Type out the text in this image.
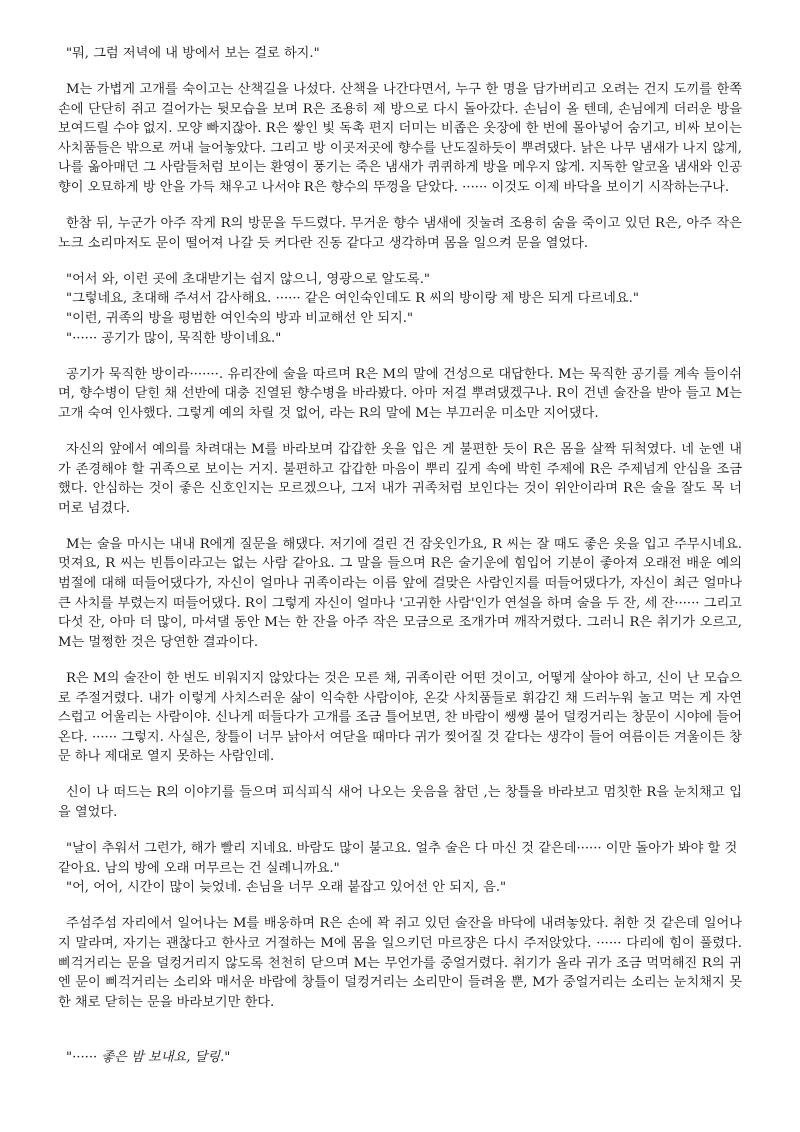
"뭐, 그럼 저녁에 내 방에서 보는 걸로 하지."

M는 가볍게 고개를 숙이고는 산책길을 나섰다. 산책을 나간다면서, 누구 한 명을 담가버리고 오려는 건지 도끼를 한쪽 손에 단단히 쥐고 걸어가는 뒷모습을 보며 R은 조용히 제 방으로 다시 돌아갔다. 손님이 올 텐데, 손님에게 더러운 방을 보여드릴 수야 없지. 모양 빠지잖아. R은 쌓인 빛 독촉 편지 더미는 비좁은 옷장에 한 번에 몰아넣어 숨기고, 비싸 보이는 사치품들은 밖으로 꺼내 늘어놓았다. 그리고 방 이곳저곳에 향수를 난도질하듯이 뿌려댔다. 낡은 나무 냄새가 나지 않게, 나를 옮아매던 그 사람들처럼 보이는 환영이 풍기는 죽은 냄새가 퀴퀴하게 방을 메우지 않게. 지독한 알코올 냄새와 인공 향이 오묘하게 방 안을 가득 채우고 나서야 R은 향수의 뚜껑을 닫았다. ······ 이것도 이제 바닥을 보이기 시작하는구나.

한참 뒤, 누군가 아주 작게 R의 방문을 두드렸다. 무거운 향수 냄새에 짓눌려 조용히 숨을 죽이고 있던 R은, 아주 작은 노크 소리마저도 문이 떨어져 나갈 듯 커다란 진동 같다고 생각하며 몸을 일으켜 문을 열었다.

"어서 와, 이런 곳에 초대받기는 쉽지 않으니, 영광으로 알도록."

"그렇네요, 초대해 주셔서 감사해요. ······ 같은 여인숙인데도 R 씨의 방이랑 제 방은 되게 다르네요."

"이런, 귀족의 방을 평범한 여인숙의 방과 비교해선 안 되지."

"······ 공기가 많이, 묵직한 방이네요."

공기가 묵직한 방이라·······. 유리잔에 술을 따르며 R은 M의 말에 건성으로 대답한다. M는 묵직한 공기를 계속 들이쉬며, 향수병이 닫힌 채 선반에 대충 진열된 향수병을 바라봤다. 아마 저걸 뿌려댔겠구나. R이 건넨 술잔을 받아 들고 M는 고개 숙여 인사했다. 그렇게 예의 차릴 것 없어, 라는 R의 말에 M는 부끄러운 미소만 지어댔다.

자신의 앞에서 예의를 차려대는 M를 바라보며 갑갑한 옷을 입은 게 불편한 듯이 R은 몸을 살짝 뒤척였다. 네 눈엔 내가 존경해야 할 귀족으로 보이는 거지. 불편하고 갑갑한 마음이 뿌리 깊게 속에 박힌 주제에 R은 주제넘게 안심을 조금 했다. 안심하는 것이 좋은 신호인지는 모르겠으나, 그저 내가 귀족처럼 보인다는 것이 위안이라며 R은 술을 잘도 목 너머로 넘겼다.

M는 술을 마시는 내내 R에게 질문을 해댔다. 저기에 걸린 건 잠옷인가요, R 씨는 잘 때도 좋은 옷을 입고 주무시네요. 멋져요, R 씨는 빈틈이라고는 없는 사람 같아요. 그 말을 들으며 R은 술기운에 힘입어 기분이 좋아져 오래전 배운 예의범절에 대해 떠들어댔다가, 자신이 얼마나 귀족이라는 이름 앞에 걸맞은 사람인지를 떠들어댔다가, 자신이 최근 얼마나 큰 사치를 부렸는지 떠들어댔다. R이 그렇게 자신이 얼마나 '고귀한 사람'인가 연설을 하며 술을 두 잔, 세 잔······ 그리고 다섯 잔, 아마 더 많이, 마셔댈 동안 M는 한 잔을 아주 작은 모금으로 조개가며 깨작거렸다. 그러니 R은 취기가 오르고, M는 멀쩡한 것은 당연한 결과이다.

R은 M의 술잔이 한 번도 비워지지 않았다는 것은 모른 채, 귀족이란 어떤 것이고, 어떻게 살아야 하고, 신이 난 모습으로 주절거렸다. 내가 이렇게 사치스러운 삶이 익숙한 사람이야, 온갖 사치품들로 휘감긴 채 드러누워 놀고 먹는 게 자연스럽고 어울리는 사람이야. 신나게 떠들다가 고개를 조금 틀어보면, 찬 바람이 쌩쌩 불어 덜컹거리는 창문이 시야에 들어온다. ······ 그렇지. 사실은, 창틀이 너무 낡아서 여닫을 때마다 귀가 찢어질 것 같다는 생각이 들어 여름이든 겨울이든 창문 하나 제대로 열지 못하는 사람인데.

신이 나 떠드는 R의 이야기를 들으며 피식피식 새어 나오는 웃음을 참던 ,는 창틀을 바라보고 멈칫한 R을 눈치채고 입을 열었다.

"날이 추워서 그런가, 해가 빨리 지네요. 바람도 많이 불고요. 얼추 술은 다 마신 것 같은데······ 이만 돌아가 봐야 할 것 같아요. 남의 방에 오래 머무르는 건 실례니까요."

"어, 어어, 시간이 많이 늦었네. 손님을 너무 오래 붙잡고 있어선 안 되지, 음."

주섬주섬 자리에서 일어나는 M를 배웅하며 R은 손에 꽉 쥐고 있던 술잔을 바닥에 내려놓았다. 취한 것 같은데 일어나지 말라며, 자기는 괜찮다고 한사코 거절하는 M에 몸을 일으키던 마르쟝은 다시 주저앉았다. ······ 다리에 힘이 풀렸다. 삐걱거리는 문을 덜컹거리지 않도록 천천히 닫으며 M는 무언가를 중얼거렸다. 취기가 올라 귀가 조금 먹먹해진 R의 귀엔 문이 삐걱거리는 소리와 매서운 바람에 창틀이 덜컹거리는 소리만이 들려올 뿐, M가 중얼거리는 소리는 눈치채지 못한 채로 닫히는 문을 바라보기만 한다.

"······ 좋은 밤 보내요, 달링."
